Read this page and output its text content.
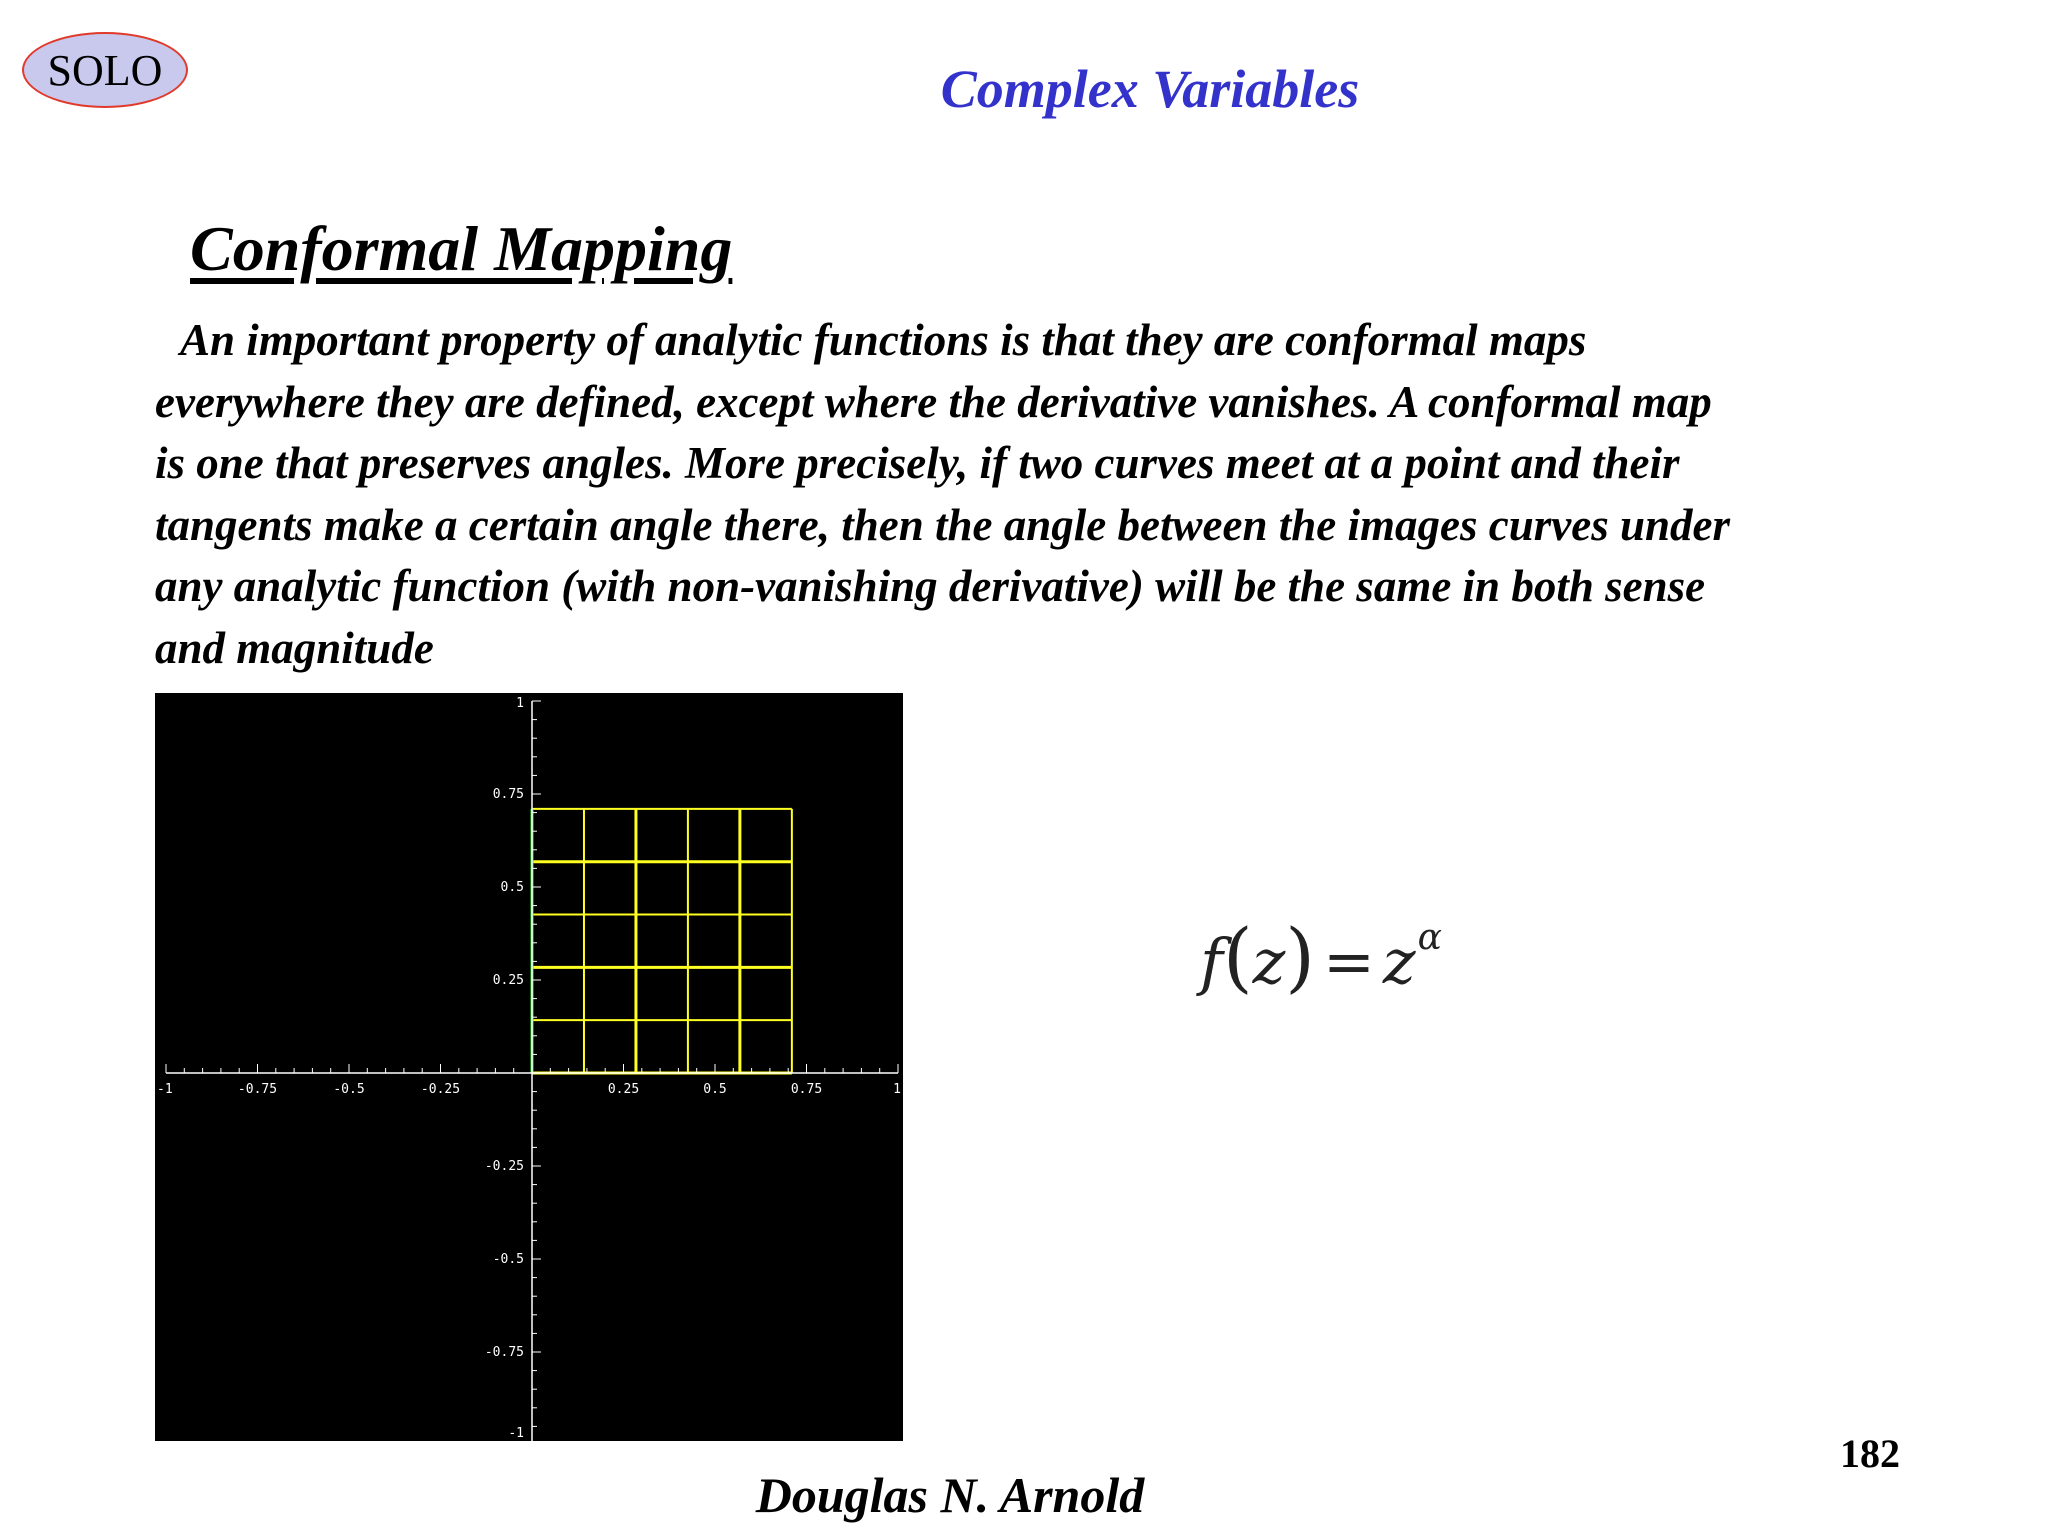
SOLO	Complex Variables
Conformal Mapping
An important property of analytic functions is that they are conformal maps
everywhere they are defined, except where the derivative vanishes. A conformal map
is one that preserves angles. More precisely, if two curves meet at a point and their
tangents make a certain angle there, then the angle between the images curves under
any analytic function (with non-vanishing derivative) will be the same in both sense
and magnitude
-1	-0.75	-0.5	-0.25	0.25	0.5	0.75	1
1
0.75
0.5
0.25
-0.25
-0.5
-0.75
-1
$f(z) = z^\alpha$
182
Douglas N. Arnold
